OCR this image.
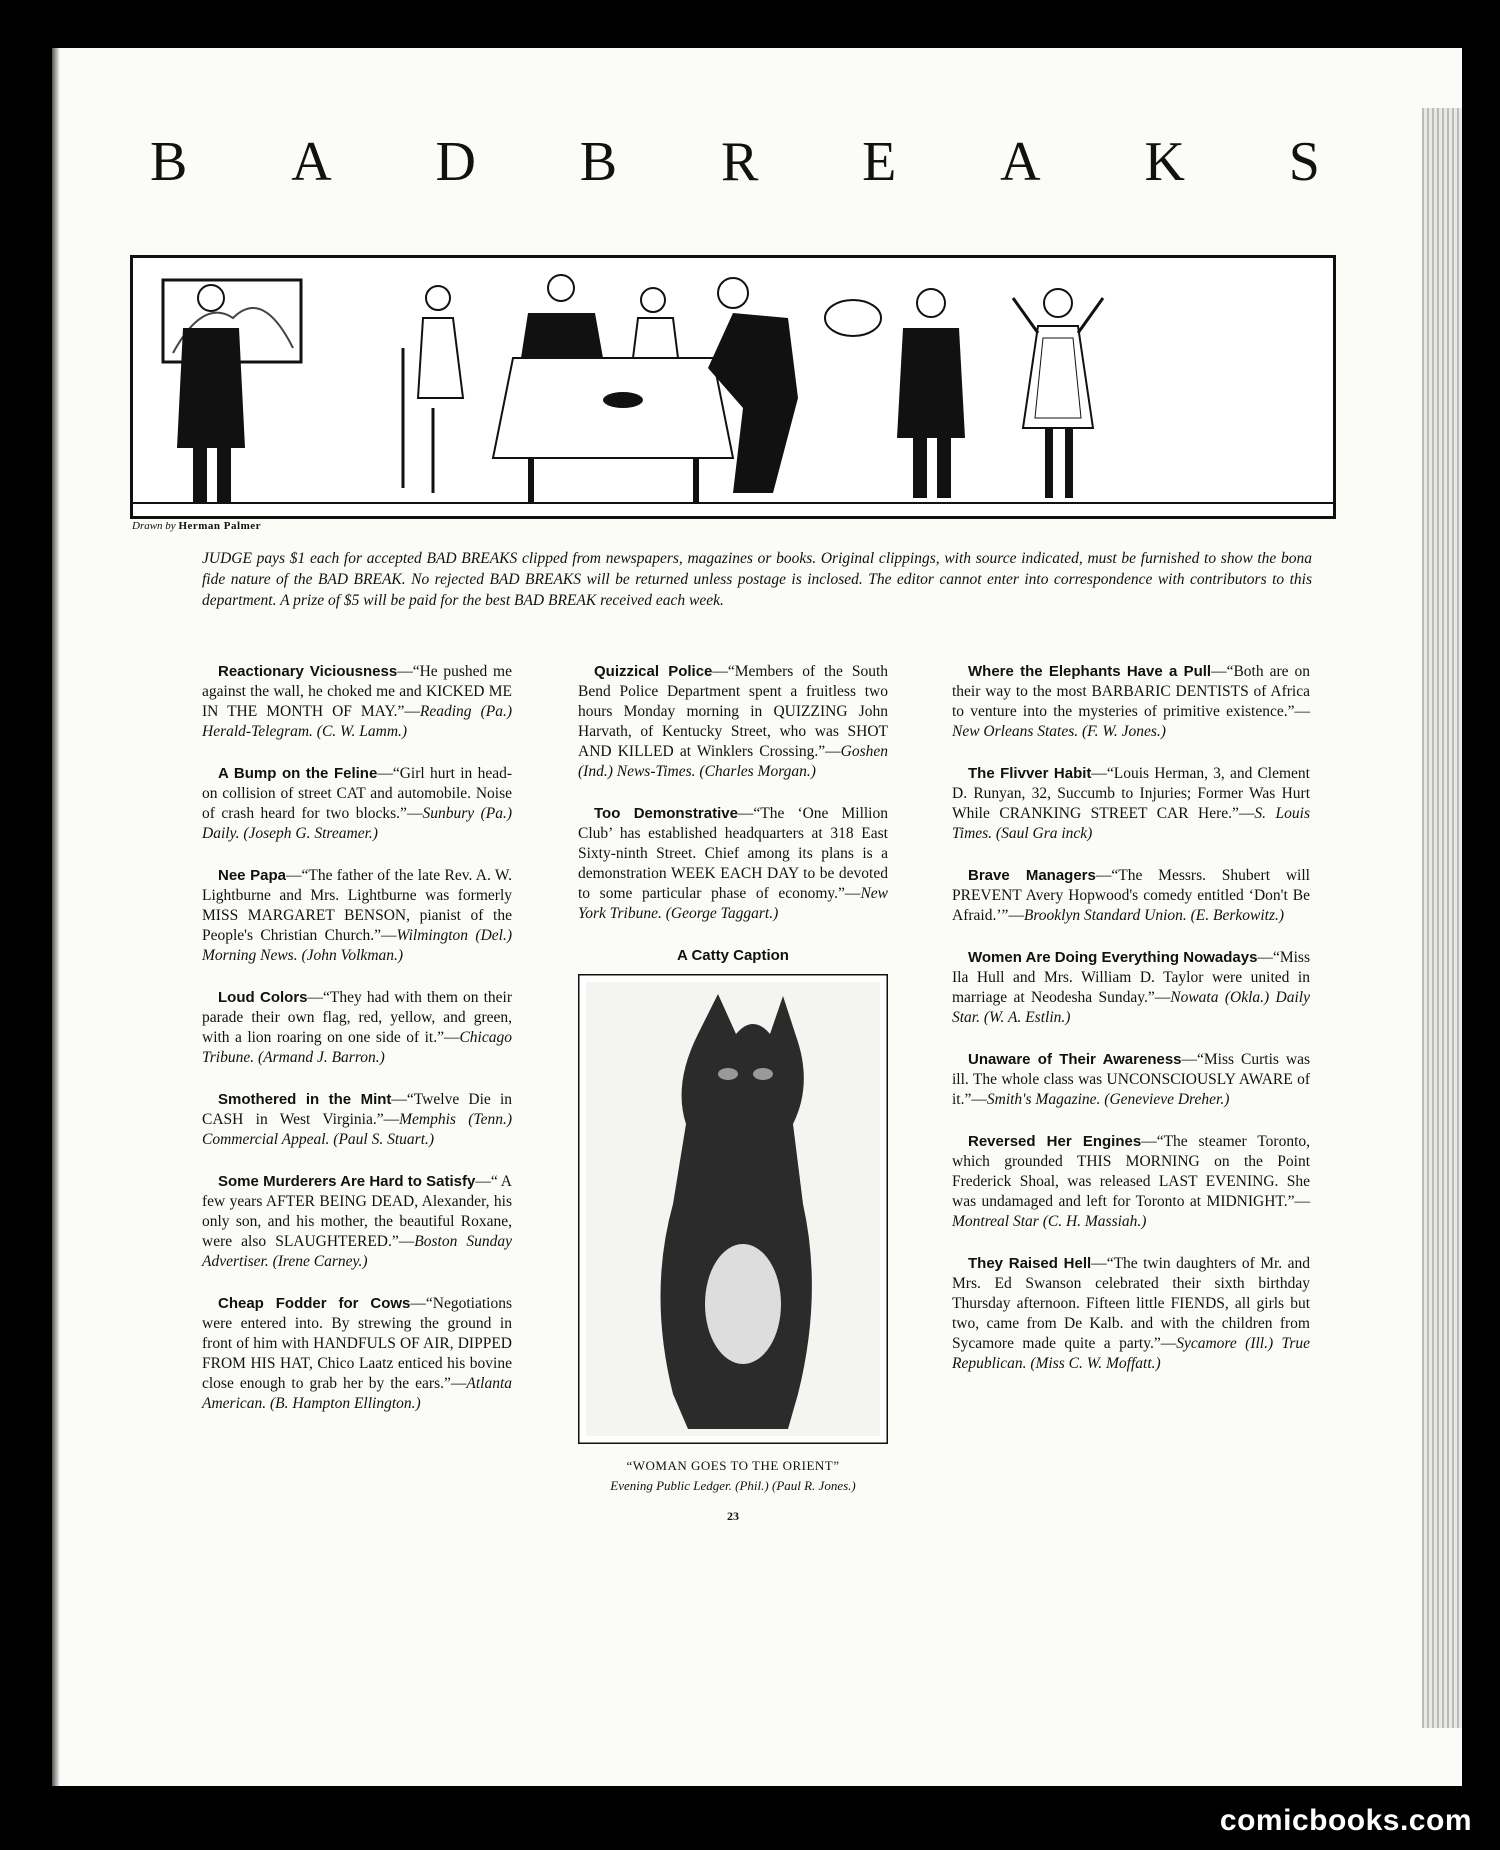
B A D B R E A K S
Drawn by Herman Palmer
JUDGE pays $1 each for accepted BAD BREAKS clipped from newspapers, magazines or books. Original clippings, with source indicated, must be furnished to show the bona fide nature of the BAD BREAK. No rejected BAD BREAKS will be returned unless postage is inclosed. The editor cannot enter into correspondence with contributors to this department. A prize of $5 will be paid for the best BAD BREAK received each week.

Reactionary Viciousness—“He pushed me against the wall, he choked me and KICKED ME IN THE MONTH OF MAY.”—Reading (Pa.) Herald-Telegram. (C. W. Lamm.)

A Bump on the Feline—“Girl hurt in head-on collision of street CAT and automobile. Noise of crash heard for two blocks.”—Sunbury (Pa.) Daily. (Joseph G. Streamer.)

Nee Papa—“The father of the late Rev. A. W. Lightburne and Mrs. Lightburne was formerly MISS MARGARET BENSON, pianist of the People's Christian Church.”—Wilmington (Del.) Morning News. (John Volkman.)

Loud Colors—“They had with them on their parade their own flag, red, yellow, and green, with a lion roaring on one side of it.”—Chicago Tribune. (Armand J. Barron.)

Smothered in the Mint—“Twelve Die in CASH in West Virginia.”—Memphis (Tenn.) Commercial Appeal. (Paul S. Stuart.)

Some Murderers Are Hard to Satisfy—“ A few years AFTER BEING DEAD, Alexander, his only son, and his mother, the beautiful Roxane, were also SLAUGHTERED.”—Boston Sunday Advertiser. (Irene Carney.)

Cheap Fodder for Cows—“Negotiations were entered into. By strewing the ground in front of him with HANDFULS OF AIR, DIPPED FROM HIS HAT, Chico Laatz enticed his bovine close enough to grab her by the ears.”—Atlanta American. (B. Hampton Ellington.)

Quizzical Police—“Members of the South Bend Police Department spent a fruitless two hours Monday morning in QUIZZING John Harvath, of Kentucky Street, who was SHOT AND KILLED at Winklers Crossing.”—Goshen (Ind.) News-Times. (Charles Morgan.)

Too Demonstrative—“The ‘One Million Club’ has established headquarters at 318 East Sixty-ninth Street. Chief among its plans is a demonstration WEEK EACH DAY to be devoted to some particular phase of economy.”—New York Tribune. (George Taggart.)

A Catty Caption
“WOMAN GOES TO THE ORIENT”
Evening Public Ledger. (Phil.) (Paul R. Jones.)
23

Where the Elephants Have a Pull—“Both are on their way to the most BARBARIC DENTISTS of Africa to venture into the mysteries of primitive existence.”—New Orleans States. (F. W. Jones.)

The Flivver Habit—“Louis Herman, 3, and Clement D. Runyan, 32, Succumb to Injuries; Former Was Hurt While CRANKING STREET CAR Here.”—S. Louis Times. (Saul Gra inck)

Brave Managers—“The Messrs. Shubert will PREVENT Avery Hopwood's comedy entitled ‘Don't Be Afraid.’”—Brooklyn Standard Union. (E. Berkowitz.)

Women Are Doing Everything Nowadays—“Miss Ila Hull and Mrs. William D. Taylor were united in marriage at Neodesha Sunday.”—Nowata (Okla.) Daily Star. (W. A. Estlin.)

Unaware of Their Awareness—“Miss Curtis was ill. The whole class was UNCONSCIOUSLY AWARE of it.”—Smith's Magazine. (Genevieve Dreher.)

Reversed Her Engines—“The steamer Toronto, which grounded THIS MORNING on the Point Frederick Shoal, was released LAST EVENING. She was undamaged and left for Toronto at MIDNIGHT.”—Montreal Star (C. H. Massiah.)

They Raised Hell—“The twin daughters of Mr. and Mrs. Ed Swanson celebrated their sixth birthday Thursday afternoon. Fifteen little FIENDS, all girls but two, came from De Kalb. and with the children from Sycamore made quite a party.”—Sycamore (Ill.) True Republican. (Miss C. W. Moffatt.)

comicbooks.com
